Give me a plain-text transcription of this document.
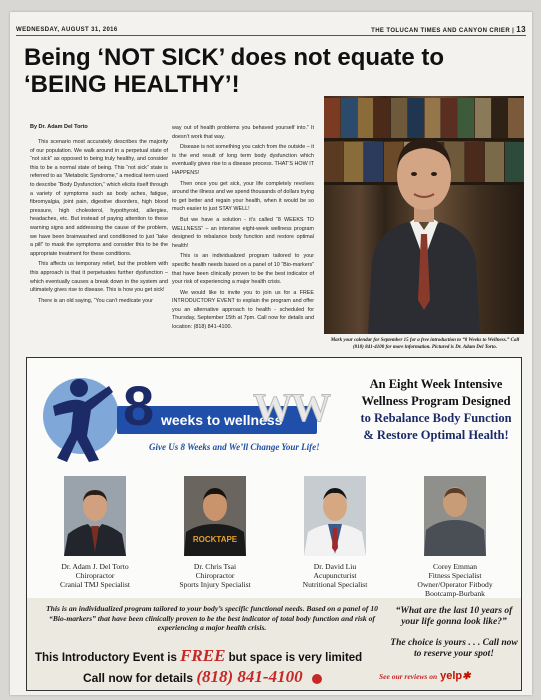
WEDNESDAY, AUGUST 31, 2016	THE TOLUCAN TIMES AND CANYON CRIER | 13
Being ‘NOT SICK’ does not equate to
‘BEING HEALTHY’!
By Dr. Adam Del Torto

This scenario most accurately describes the majority of our population. We walk around in a perpetual state of “not sick” as opposed to being truly healthy, and consider this to be a normal state of being. This “not sick” state is referred to as “Metabolic Syndrome,” a medical term used to describe “Body Dysfunction,” which elicits itself through a variety of symptoms such as body aches, fatigue, fibromyalgia, joint pain, digestive disorders, high blood pressure, high cholesterol, hypothyroid, allergies, headaches, etc. But instead of paying attention to these warning signs and addressing the cause of the problem, we have been brainwashed and conditioned to just “take a pill” to mask the symptoms and consider this to be the appropriate treatment for these conditions.

This affects us temporary relief, but the problem with this approach is that it perpetuates further dysfunction – which eventually causes a break down in the system and ultimately gives rise to disease. This is how you get sick!

There is an old saying, “You can’t medicate your

way out of health problems you behaved yourself into.” It doesn’t work that way.

Disease is not something you catch from the outside – it is the end result of long term body dysfunction which eventually gives rise to a disease process. THAT’S HOW IT HAPPENS!

Then once you get sick, your life completely revolves around the illness and we spend thousands of dollars trying to get better and regain your health, when it would be so much easier to just STAY WELL!

But we have a solution - it’s called “8 WEEKS TO WELLNESS” – an intensive eight-week wellness program designed to rebalance body function and restore optimal health!

This is an individualized program tailored to your specific health needs based on a panel of 10 “Bio-markers” that have been clinically proven to be the best indicator of your risk of experiencing a major health crisis.

We would like to invite you to join us for a FREE INTRODUCTORY EVENT to explain the program and offer you an alternative approach to health - scheduled for Thursday, September 15th at 7pm. Call now for details and location: (818) 841-4100.

Mark your calendar for September 15 for a free introduction to “8 Weeks to Wellness.” Call (818) 841-4100 for more information. Pictured is Dr. Adam Del Torto.
weeks to wellness
8 WW
Give Us 8 Weeks and We’ll Change Your Life!
An Eight Week Intensive
Wellness Program Designed
to Rebalance Body Function
& Restore Optimal Health!
Dr. Adam J. Del Torto
Chiropractor
Cranial TMJ Specialist
ROCKTAPE
Dr. Chris Tsai
Chiropractor
Sports Injury Specialist
Dr. David Liu
Acupuncturist
Nutritional Specialist
Corey Emman
Fitness Specialist
Owner/Operator Fitbody
Bootcamp-Burbank
This is an individualized program tailored to your body’s specific functional needs. Based on a panel of 10 “Bio-markers” that have been clinically proven to be the best indicator of total body function and risk of experiencing a major health crisis.
“What are the last 10 years of your life gonna look like?”
The choice is yours . . . Call now to reserve your spot!
This Introductory Event is FREE but space is very limited
Call now for details (818) 841-4100	See our reviews on yelp✱
